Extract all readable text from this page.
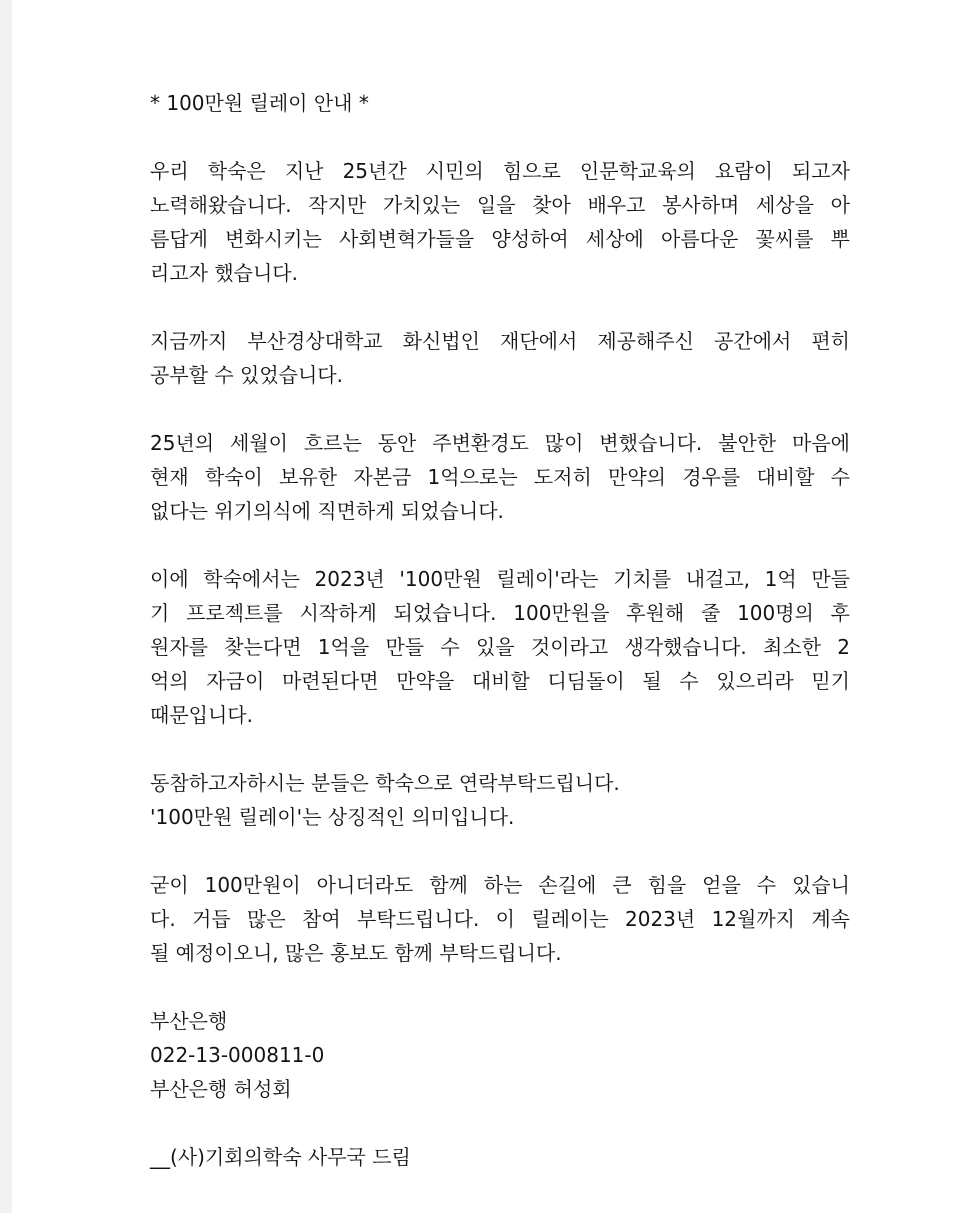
* 100만원 릴레이 안내 *
우리 학숙은 지난 25년간 시민의 힘으로 인문학교육의 요람이 되고자
노력해왔습니다. 작지만 가치있는 일을 찾아 배우고 봉사하며 세상을 아
름답게 변화시키는 사회변혁가들을 양성하여 세상에 아름다운 꽃씨를 뿌
리고자 했습니다.
지금까지 부산경상대학교 화신법인 재단에서 제공해주신 공간에서 편히
공부할 수 있었습니다.
25년의 세월이 흐르는 동안 주변환경도 많이 변했습니다. 불안한 마음에
현재 학숙이 보유한 자본금 1억으로는 도저히 만약의 경우를 대비할 수
없다는 위기의식에 직면하게 되었습니다.
이에 학숙에서는 2023년 '100만원 릴레이'라는 기치를 내걸고, 1억 만들
기 프로젝트를 시작하게 되었습니다. 100만원을 후원해 줄 100명의 후
원자를 찾는다면 1억을 만들 수 있을 것이라고 생각했습니다. 최소한 2
억의 자금이 마련된다면 만약을 대비할 디딤돌이 될 수 있으리라 믿기
때문입니다.
동참하고자하시는 분들은 학숙으로 연락부탁드립니다.
'100만원 릴레이'는 상징적인 의미입니다.
굳이 100만원이 아니더라도 함께 하는 손길에 큰 힘을 얻을 수 있습니
다. 거듭 많은 참여 부탁드립니다. 이 릴레이는 2023년 12월까지 계속
될 예정이오니, 많은 홍보도 함께 부탁드립니다.
부산은행
022-13-000811-0
부산은행 허성회
__(사)기회의학숙 사무국 드림
